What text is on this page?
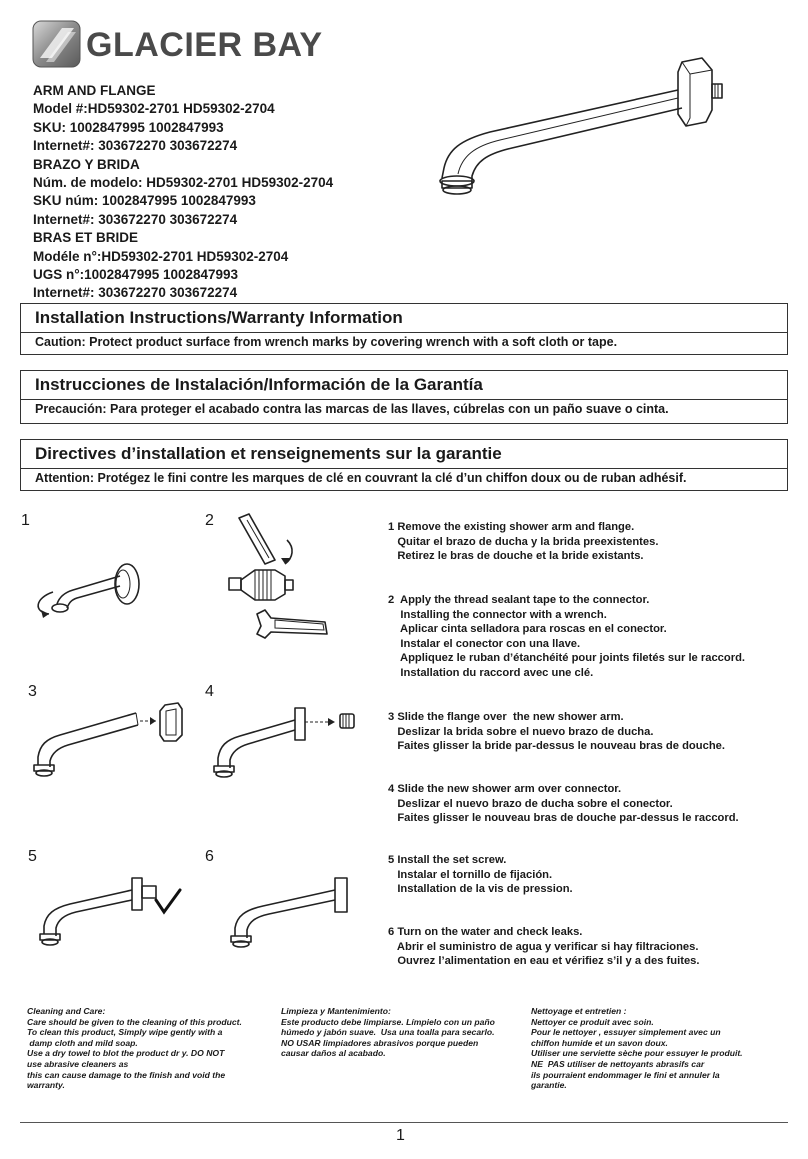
GLACIER BAY
ARM AND FLANGE
Model #:HD59302-2701 HD59302-2704
SKU: 1002847995 1002847993
Internet#: 303672270 303672274
BRAZO Y BRIDA
Núm. de modelo: HD59302-2701 HD59302-2704
SKU núm: 1002847995 1002847993
Internet#: 303672270 303672274
BRAS ET BRIDE
Modéle n°:HD59302-2701 HD59302-2704
UGS n°:1002847995 1002847993
Internet#: 303672270 303672274
Installation Instructions/Warranty Information
Caution: Protect product surface from wrench marks by covering wrench with a soft cloth or tape.
Instrucciones de Instalación/Información de la Garantía
Precaución: Para proteger el acabado contra las marcas de las llaves, cúbrelas con un paño suave o cinta.
Directives d’installation et renseignements sur la garantie
Attention: Protégez le fini contre les marques de clé en couvrant la clé d’un chiffon doux ou de ruban adhésif.
1	2
3	4
5	6
1 Remove the existing shower arm and flange.
Quitar el brazo de ducha y la brida preexistentes.
Retirez le bras de douche et la bride existants.
2  Apply the thread sealant tape to the connector.
Installing the connector with a wrench.
Aplicar cinta selladora para roscas en el conector.
Instalar el conector con una llave.
Appliquez le ruban d’étanchéité pour joints filetés sur le raccord.
Installation du raccord avec une clé.
3 Slide the flange over  the new shower arm.
Deslizar la brida sobre el nuevo brazo de ducha.
Faites glisser la bride par-dessus le nouveau bras de douche.
4 Slide the new shower arm over connector.
Deslizar el nuevo brazo de ducha sobre el conector.
Faites glisser le nouveau bras de douche par-dessus le raccord.
5 Install the set screw.
Instalar el tornillo de fijación.
Installation de la vis de pression.
6 Turn on the water and check leaks.
Abrir el suministro de agua y verificar si hay filtraciones.
Ouvrez l’alimentation en eau et vérifiez s’il y a des fuites.
Cleaning and Care:
Care should be given to the cleaning of this product.
To clean this product, Simply wipe gently with a
damp cloth and mild soap.
Use a dry towel to blot the product dr y. DO NOT
use abrasive cleaners as
this can cause damage to the finish and void the
warranty.
Limpieza y Mantenimiento:
Este producto debe limpiarse. Límpielo con un paño
húmedo y jabón suave.  Usa una toalla para secarlo.
NO USAR limpiadores abrasivos porque pueden
causar daños al acabado.
Nettoyage et entretien :
Nettoyer ce produit avec soin.
Pour le nettoyer , essuyer simplement avec un
chiffon humide et un savon doux.
Utiliser une serviette sèche pour essuyer le produit.
NE  PAS utiliser de nettoyants abrasifs car
ils pourraient endommager le fini et annuler la
garantie.
1
